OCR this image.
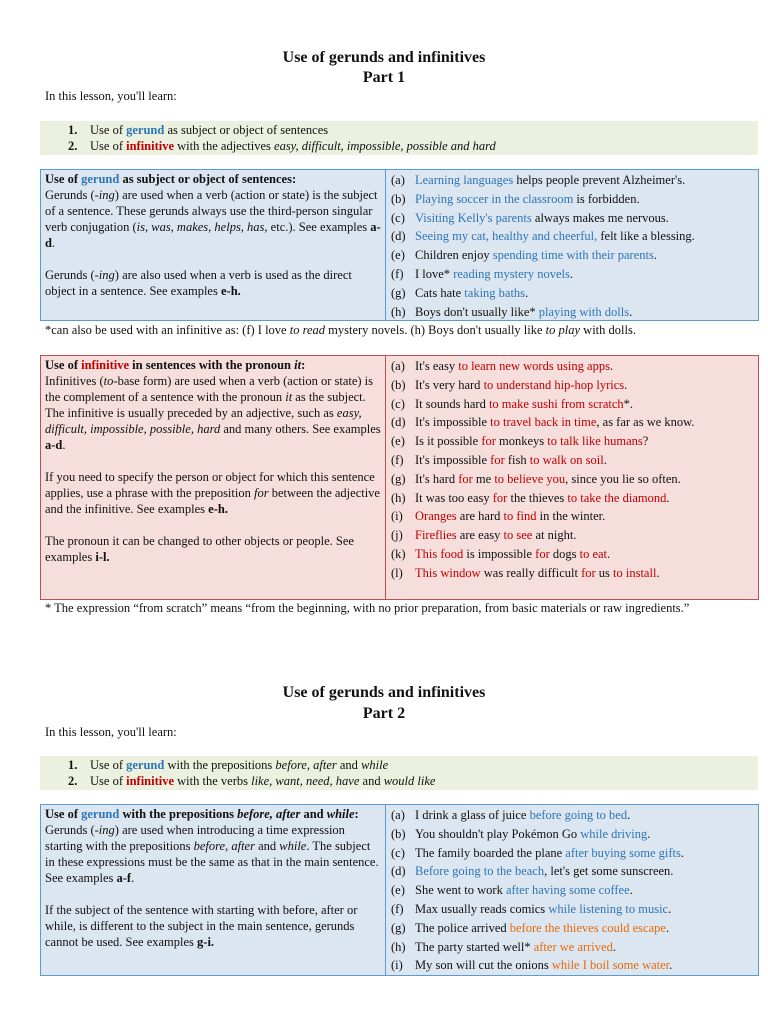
Use of gerunds and infinitives
Part 1
In this lesson, you'll learn:
1.	Use of gerund as subject or object of sentences
2.	Use of infinitive with the adjectives easy, difficult, impossible, possible and hard
Use of gerund as subject or object of sentences:

Gerunds (-ing) are used when a verb (action or state) is the subject of a sentence. These gerunds always use the third-person singular verb conjugation (is, was, makes, helps, has, etc.). See examples a-d.

Gerunds (-ing) are also used when a verb is used as the direct object in a sentence. See examples e-h.

(a) Learning languages helps people prevent Alzheimer's.
(b) Playing soccer in the classroom is forbidden.
(c) Visiting Kelly's parents always makes me nervous.
(d) Seeing my cat, healthy and cheerful, felt like a blessing.
(e) Children enjoy spending time with their parents.
(f) I love* reading mystery novels.
(g) Cats hate taking baths.
(h) Boys don't usually like* playing with dolls.
*can also be used with an infinitive as: (f) I love to read mystery novels. (h) Boys don't usually like to play with dolls.
Use of infinitive in sentences with the pronoun it:

Infinitives (to-base form) are used when a verb (action or state) is the complement of a sentence with the pronoun it as the subject. The infinitive is usually preceded by an adjective, such as easy, difficult, impossible, possible, hard and many others. See examples a-d.

If you need to specify the person or object for which this sentence applies, use a phrase with the preposition for between the adjective and the infinitive. See examples e-h.

The pronoun it can be changed to other objects or people. See examples i-l.

(a) It's easy to learn new words using apps.
(b) It's very hard to understand hip-hop lyrics.
(c) It sounds hard to make sushi from scratch*.
(d) It's impossible to travel back in time, as far as we know.
(e) Is it possible for monkeys to talk like humans?
(f) It's impossible for fish to walk on soil.
(g) It's hard for me to believe you, since you lie so often.
(h) It was too easy for the thieves to take the diamond.
(i) Oranges are hard to find in the winter.
(j) Fireflies are easy to see at night.
(k) This food is impossible for dogs to eat.
(l) This window was really difficult for us to install.
* The expression “from scratch” means “from the beginning, with no prior preparation, from basic materials or raw ingredients.”
Use of gerunds and infinitives
Part 2
In this lesson, you'll learn:
1.	Use of gerund with the prepositions before, after and while
2.	Use of infinitive with the verbs like, want, need, have and would like
Use of gerund with the prepositions before, after and while:

Gerunds (-ing) are used when introducing a time expression starting with the prepositions before, after and while. The subject in these expressions must be the same as that in the main sentence. See examples a-f.

If the subject of the sentence with starting with before, after or while, is different to the subject in the main sentence, gerunds cannot be used. See examples g-i.

(a) I drink a glass of juice before going to bed.
(b) You shouldn't play Pokémon Go while driving.
(c) The family boarded the plane after buying some gifts.
(d) Before going to the beach, let's get some sunscreen.
(e) She went to work after having some coffee.
(f) Max usually reads comics while listening to music.
(g) The police arrived before the thieves could escape.
(h) The party started well* after we arrived.
(i) My son will cut the onions while I boil some water.
